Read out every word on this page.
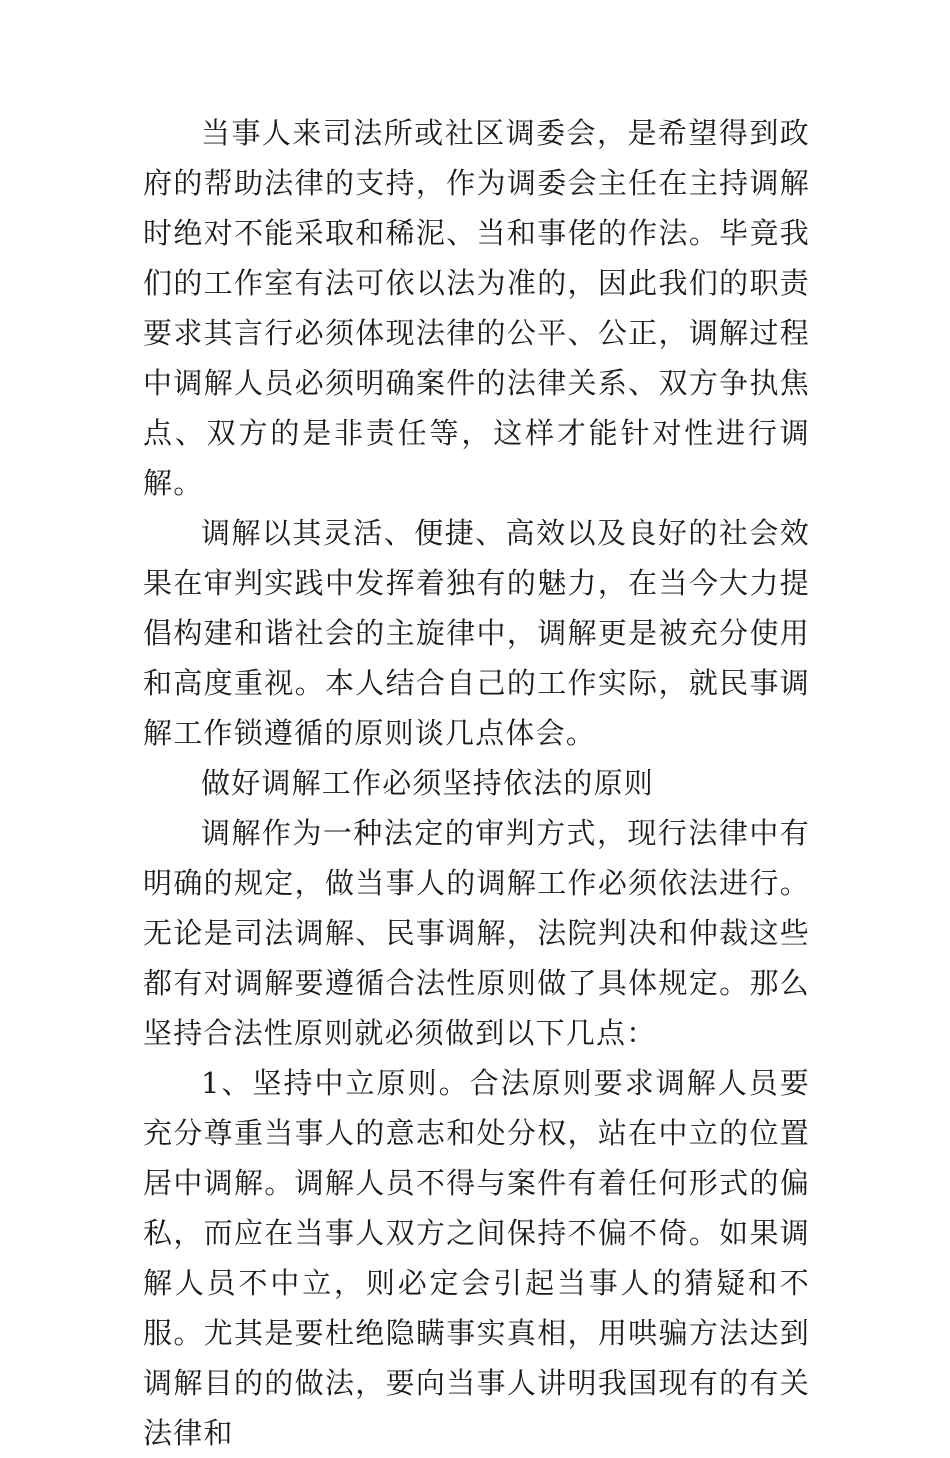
当事人来司法所或社区调委会，是希望得到政府的帮助法律的支持，作为调委会主任在主持调解时绝对不能采取和稀泥、当和事佬的作法。毕竟我们的工作室有法可依以法为准的，因此我们的职责要求其言行必须体现法律的公平、公正，调解过程中调解人员必须明确案件的法律关系、双方争执焦点、双方的是非责任等，这样才能针对性进行调解。

调解以其灵活、便捷、高效以及良好的社会效果在审判实践中发挥着独有的魅力，在当今大力提倡构建和谐社会的主旋律中，调解更是被充分使用和高度重视。本人结合自己的工作实际，就民事调解工作锁遵循的原则谈几点体会。

做好调解工作必须坚持依法的原则

调解作为一种法定的审判方式，现行法律中有明确的规定，做当事人的调解工作必须依法进行。无论是司法调解、民事调解，法院判决和仲裁这些都有对调解要遵循合法性原则做了具体规定。那么坚持合法性原则就必须做到以下几点：

1、坚持中立原则。合法原则要求调解人员要充分尊重当事人的意志和处分权，站在中立的位置居中调解。调解人员不得与案件有着任何形式的偏私，而应在当事人双方之间保持不偏不倚。如果调解人员不中立，则必定会引起当事人的猜疑和不服。尤其是要杜绝隐瞒事实真相，用哄骗方法达到调解目的的做法，要向当事人讲明我国现有的有关法律和
